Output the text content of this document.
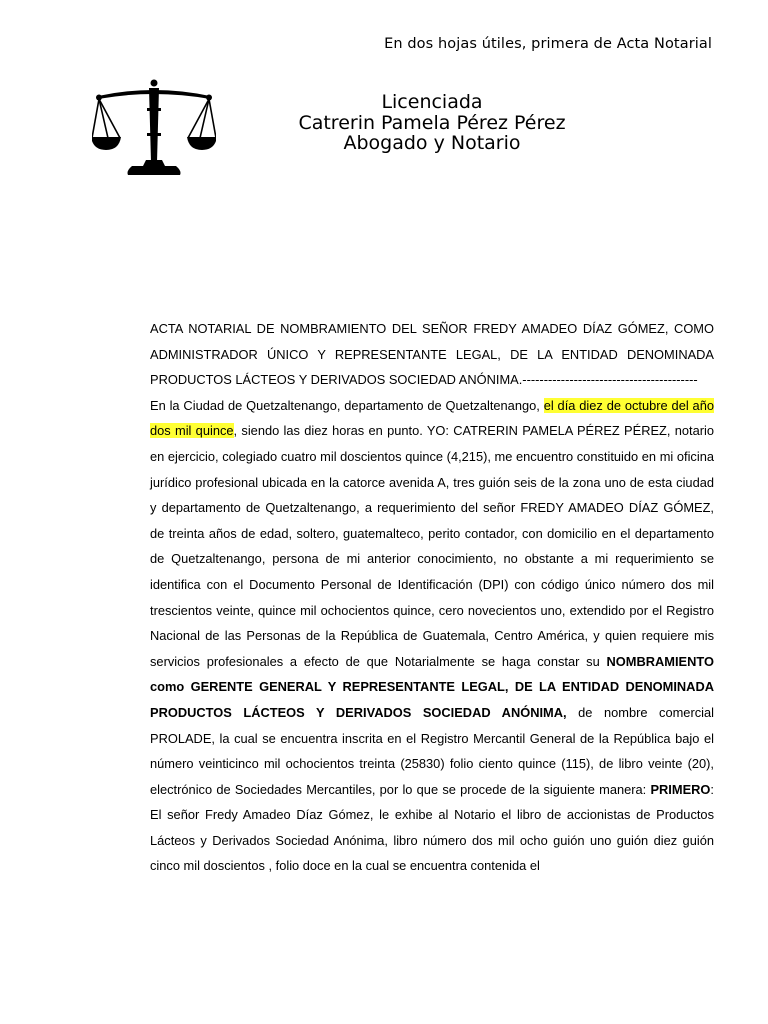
En dos hojas útiles, primera de Acta Notarial
Licenciada
Catrerin Pamela Pérez Pérez
Abogado y Notario

ACTA NOTARIAL DE NOMBRAMIENTO DEL SEÑOR FREDY AMADEO DÍAZ GÓMEZ, COMO ADMINISTRADOR ÚNICO Y REPRESENTANTE LEGAL, DE LA ENTIDAD DENOMINADA PRODUCTOS LÁCTEOS Y DERIVADOS SOCIEDAD ANÓNIMA.-----------------------------------------

En la Ciudad de Quetzaltenango, departamento de Quetzaltenango, el día diez de octubre del año dos mil quince, siendo las diez horas en punto. YO: CATRERIN PAMELA PÉREZ PÉREZ, notario en ejercicio, colegiado cuatro mil doscientos quince (4,215), me encuentro constituido en mi oficina jurídico profesional ubicada en la catorce avenida A, tres guión seis de la zona uno de esta ciudad y departamento de Quetzaltenango, a requerimiento del señor FREDY AMADEO DÍAZ GÓMEZ, de treinta años de edad, soltero, guatemalteco, perito contador, con domicilio en el departamento de Quetzaltenango, persona de mi anterior conocimiento, no obstante a mi requerimiento se identifica con el Documento Personal de Identificación (DPI) con código único número dos mil trescientos veinte, quince mil ochocientos quince, cero novecientos uno, extendido por el Registro Nacional de las Personas de la República de Guatemala, Centro América, y quien requiere mis servicios profesionales a efecto de que Notarialmente se haga constar su NOMBRAMIENTO como GERENTE GENERAL Y REPRESENTANTE LEGAL, DE LA ENTIDAD DENOMINADA PRODUCTOS LÁCTEOS Y DERIVADOS SOCIEDAD ANÓNIMA, de nombre comercial PROLADE, la cual se encuentra inscrita en el Registro Mercantil General de la República bajo el número veinticinco mil ochocientos treinta (25830) folio ciento quince (115), de libro veinte (20), electrónico de Sociedades Mercantiles, por lo que se procede de la siguiente manera: PRIMERO: El señor Fredy Amadeo Díaz Gómez, le exhibe al Notario el libro de accionistas de Productos Lácteos y Derivados Sociedad Anónima, libro número dos mil ocho guión uno guión diez guión cinco mil doscientos , folio doce en la cual se encuentra contenida el
